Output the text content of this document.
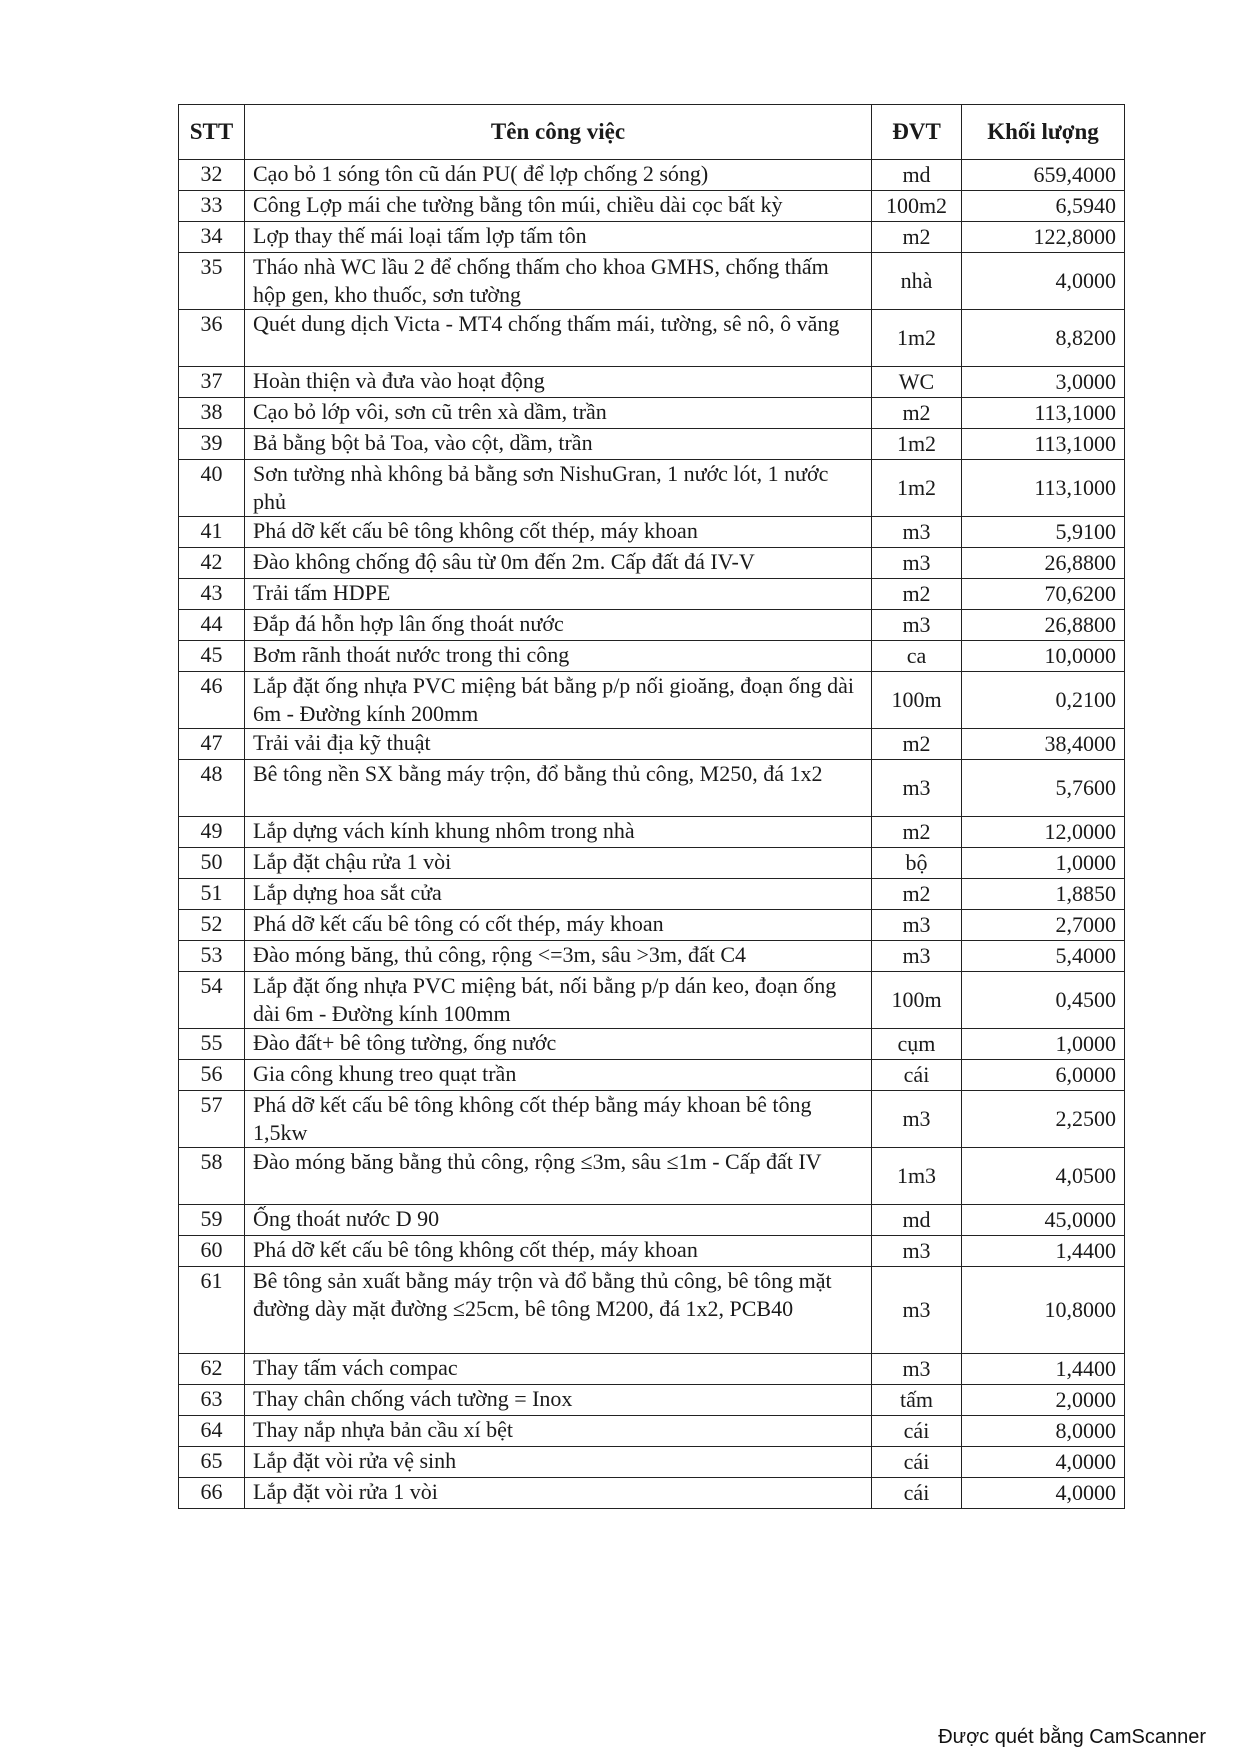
STT	Tên công việc	ĐVT	Khối lượng
32	Cạo bỏ 1 sóng tôn cũ dán PU( để lợp chống 2 sóng)	md	659,4000
33	Công Lợp mái che tường bằng tôn múi, chiều dài cọc bất kỳ	100m2	6,5940
34	Lợp thay thế mái loại tấm lợp tấm tôn	m2	122,8000
35	Tháo nhà WC lầu 2 để chống thấm cho khoa GMHS, chống thấm hộp gen, kho thuốc, sơn tường	nhà	4,0000
36	Quét dung dịch Victa - MT4 chống thấm mái, tường, sê nô, ô văng	1m2	8,8200
37	Hoàn thiện và đưa vào hoạt động	WC	3,0000
38	Cạo bỏ lớp vôi, sơn cũ trên xà dầm, trần	m2	113,1000
39	Bả bằng bột bả Toa, vào cột, dầm, trần	1m2	113,1000
40	Sơn tường nhà không bả bằng sơn NishuGran, 1 nước lót, 1 nước phủ	1m2	113,1000
41	Phá dỡ kết cấu bê tông không cốt thép, máy khoan	m3	5,9100
42	Đào không chống độ sâu từ 0m đến 2m. Cấp đất đá IV-V	m3	26,8800
43	Trải tấm HDPE	m2	70,6200
44	Đắp đá hỗn hợp lân ống thoát nước	m3	26,8800
45	Bơm rãnh thoát nước trong thi công	ca	10,0000
46	Lắp đặt ống nhựa PVC miệng bát bằng p/p nối gioăng, đoạn ống dài 6m - Đường kính 200mm	100m	0,2100
47	Trải vải địa kỹ thuật	m2	38,4000
48	Bê tông nền SX bằng máy trộn, đổ bằng thủ công, M250, đá 1x2	m3	5,7600
49	Lắp dựng vách kính khung nhôm trong nhà	m2	12,0000
50	Lắp đặt chậu rửa 1 vòi	bộ	1,0000
51	Lắp dựng hoa sắt cửa	m2	1,8850
52	Phá dỡ kết cấu bê tông có cốt thép, máy khoan	m3	2,7000
53	Đào móng băng, thủ công, rộng <=3m, sâu >3m, đất C4	m3	5,4000
54	Lắp đặt ống nhựa PVC miệng bát, nối bằng p/p dán keo, đoạn ống dài 6m - Đường kính 100mm	100m	0,4500
55	Đào đất+ bê tông tường, ống nước	cụm	1,0000
56	Gia công khung treo quạt trần	cái	6,0000
57	Phá dỡ kết cấu bê tông không cốt thép bằng máy khoan bê tông 1,5kw	m3	2,2500
58	Đào móng băng bằng thủ công, rộng ≤3m, sâu ≤1m - Cấp đất IV	1m3	4,0500
59	Ống thoát nước D 90	md	45,0000
60	Phá dỡ kết cấu bê tông không cốt thép, máy khoan	m3	1,4400
61	Bê tông sản xuất bằng máy trộn và đổ bằng thủ công, bê tông mặt đường dày mặt đường ≤25cm, bê tông M200, đá 1x2, PCB40	m3	10,8000
62	Thay tấm vách compac	m3	1,4400
63	Thay chân chống vách tường = Inox	tấm	2,0000
64	Thay nắp nhựa bản cầu xí bệt	cái	8,0000
65	Lắp đặt vòi rửa vệ sinh	cái	4,0000
66	Lắp đặt vòi rửa 1 vòi	cái	4,0000
Được quét bằng CamScanner
